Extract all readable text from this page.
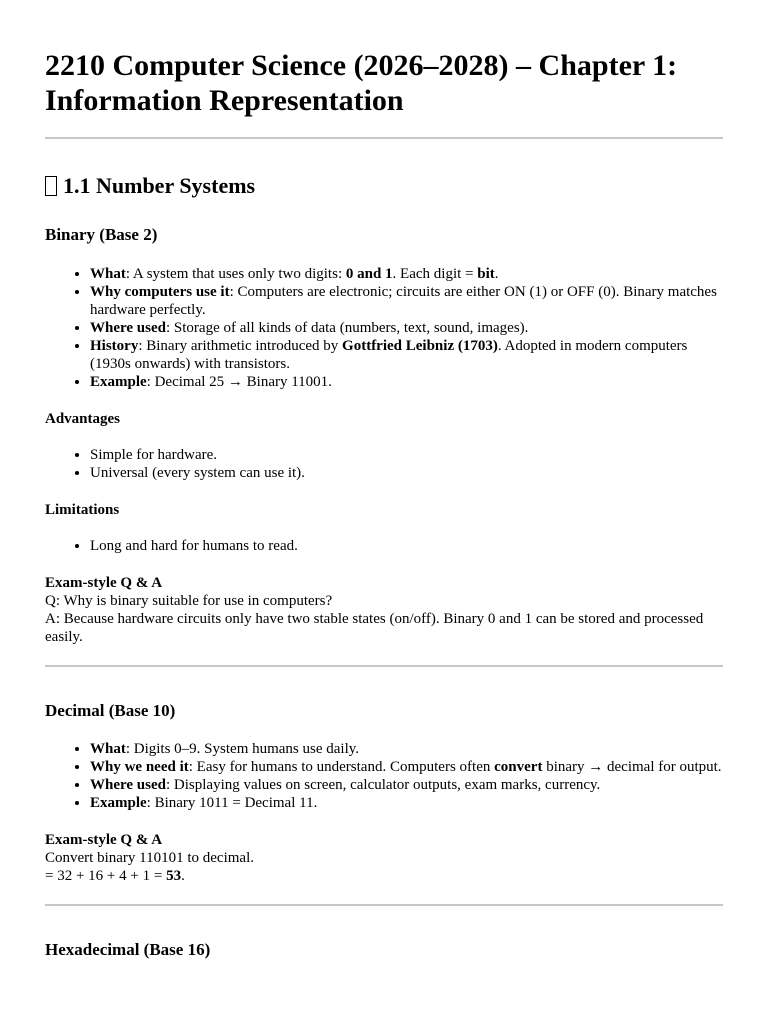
2210 Computer Science (2026–2028) – Chapter 1: Information Representation
1.1 Number Systems
Binary (Base 2)
• What: A system that uses only two digits: 0 and 1. Each digit = bit.
• Why computers use it: Computers are electronic; circuits are either ON (1) or OFF (0). Binary matches hardware perfectly.
• Where used: Storage of all kinds of data (numbers, text, sound, images).
• History: Binary arithmetic introduced by Gottfried Leibniz (1703). Adopted in modern computers (1930s onwards) with transistors.
• Example: Decimal 25 → Binary 11001.
Advantages
• Simple for hardware.
• Universal (every system can use it).
Limitations
• Long and hard for humans to read.
Exam-style Q & A

Q: Why is binary suitable for use in computers?

A: Because hardware circuits only have two stable states (on/off). Binary 0 and 1 can be stored and processed easily.

Decimal (Base 10)
• What: Digits 0–9. System humans use daily.
• Why we need it: Easy for humans to understand. Computers often convert binary → decimal for output.
• Where used: Displaying values on screen, calculator outputs, exam marks, currency.
• Example: Binary 1011 = Decimal 11.
Exam-style Q & A

Convert binary 110101 to decimal.

= 32 + 16 + 4 + 1 = 53.

Hexadecimal (Base 16)
